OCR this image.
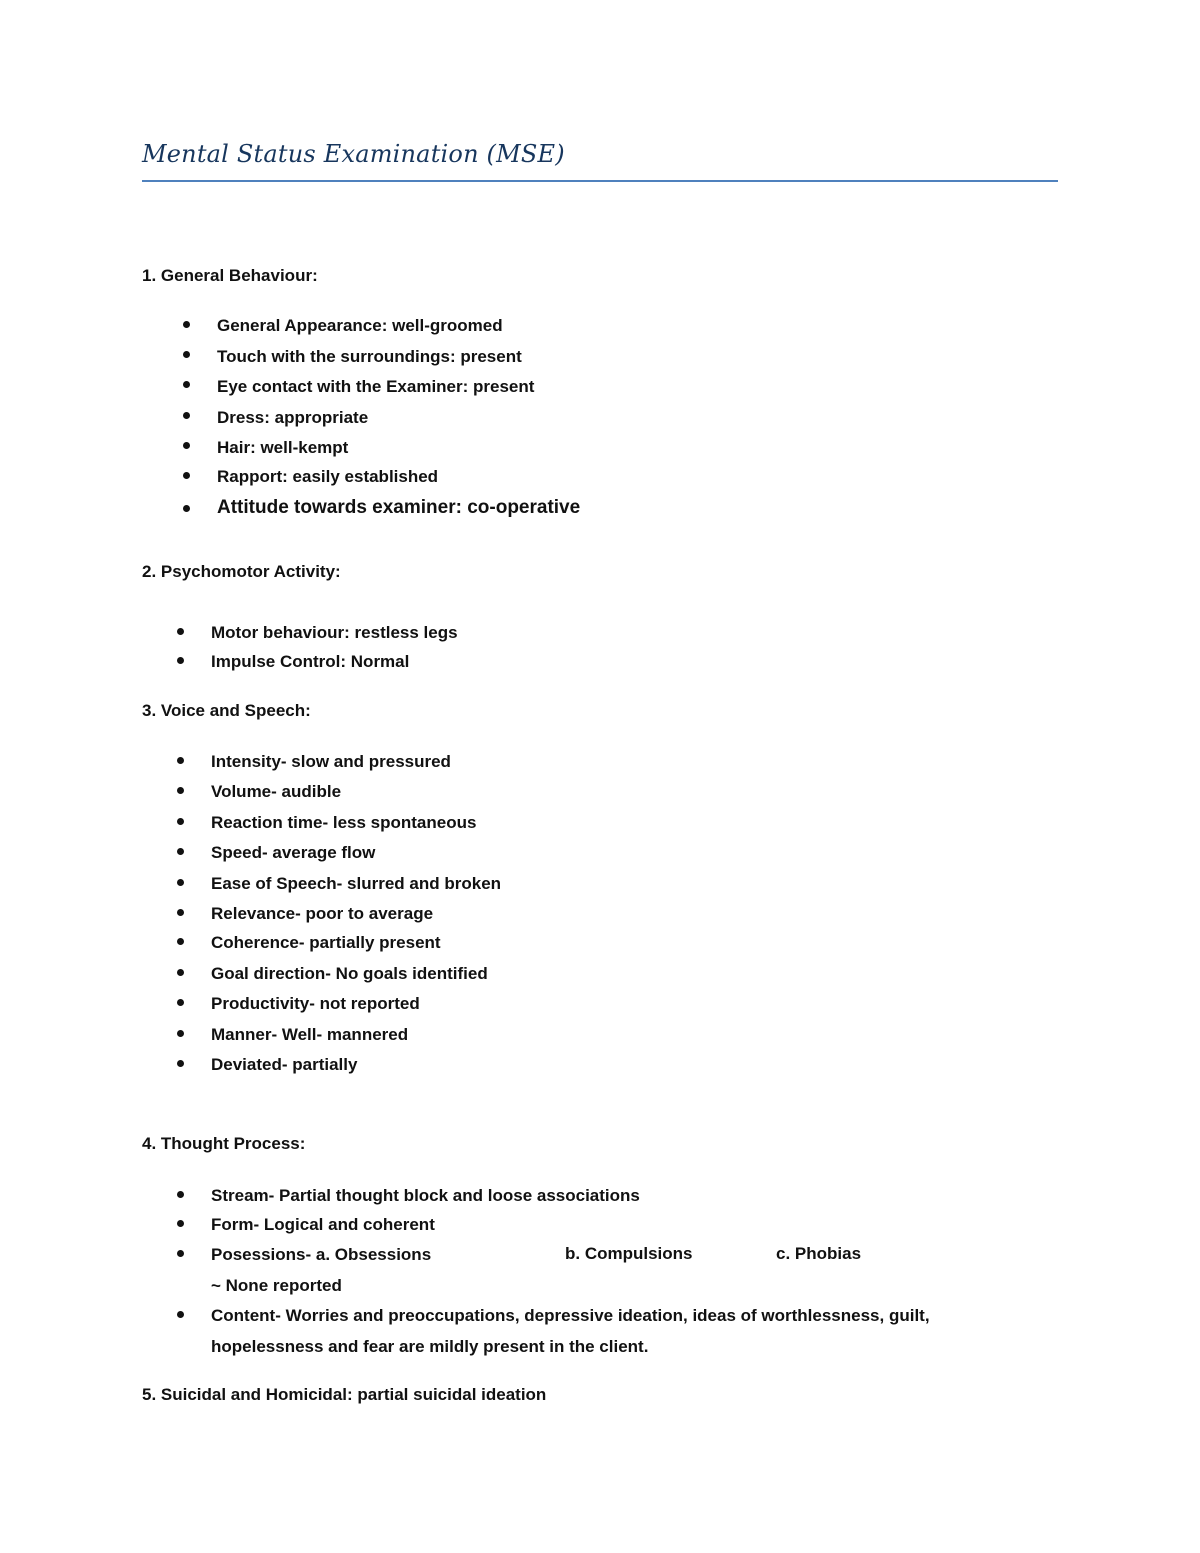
Mental Status Examination (MSE)
1. General Behaviour:
General Appearance: well-groomed
Touch with the surroundings: present
Eye contact with the Examiner: present
Dress: appropriate
Hair: well-kempt
Rapport: easily established
Attitude towards examiner: co-operative
2. Psychomotor Activity:
Motor behaviour: restless legs
Impulse Control: Normal
3. Voice and Speech:
Intensity- slow and pressured
Volume- audible
Reaction time- less spontaneous
Speed- average flow
Ease of Speech- slurred and broken
Relevance- poor to average
Coherence- partially present
Goal direction- No goals identified
Productivity- not reported
Manner- Well- mannered
Deviated- partially
4. Thought Process:
Stream- Partial thought block and loose associations
Form- Logical and coherent
Posessions- a. Obsessions	b. Compulsions	c. Phobias
~ None reported
Content- Worries and preoccupations, depressive ideation, ideas of worthlessness, guilt,
hopelessness and fear are mildly present in the client.
5. Suicidal and Homicidal: partial suicidal ideation
